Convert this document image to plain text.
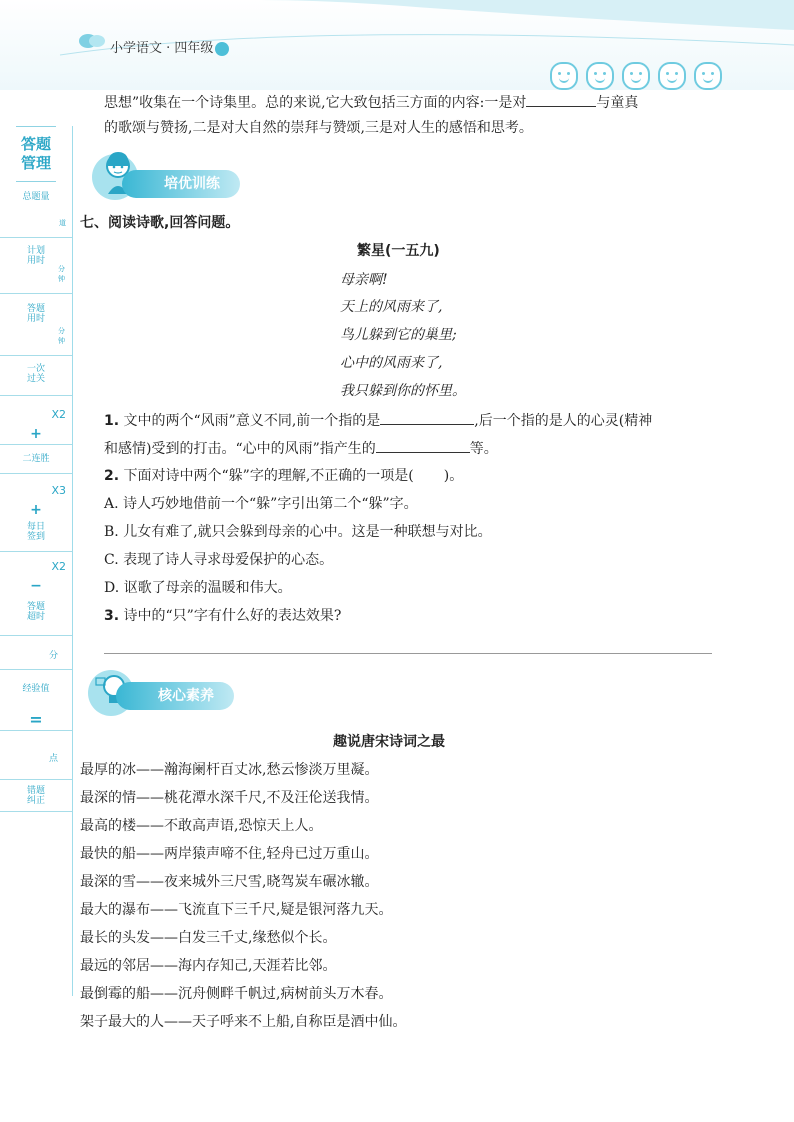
小学语文 · 四年级
答题管理
总题量
道
计划用时
分钟
答题用时
分钟
一次过关
X2
+
二连胜
X3
+
每日签到
X2
−
答题超时
分
经验值
=
点
错题纠正
思想”收集在一个诗集里。总的来说,它大致包括三方面的内容:一是对	与童真
的歌颂与赞扬,二是对大自然的崇拜与赞颂,三是对人生的感悟和思考。
培优训练
七、阅读诗歌,回答问题。
繁星(一五九)
母亲啊!
天上的风雨来了,
鸟儿躲到它的巢里;
心中的风雨来了,
我只躲到你的怀里。
1. 文中的两个“风雨”意义不同,前一个指的是	,后一个指的是人的心灵(精神
和感情)受到的打击。“心中的风雨”指产生的	等。
2. 下面对诗中两个“躲”字的理解,不正确的一项是( )。
A. 诗人巧妙地借前一个“躲”字引出第二个“躲”字。
B. 儿女有难了,就只会躲到母亲的心中。这是一种联想与对比。
C. 表现了诗人寻求母爱保护的心态。
D. 讴歌了母亲的温暖和伟大。
3. 诗中的“只”字有什么好的表达效果?
核心素养
趣说唐宋诗词之最
最厚的冰——瀚海阑杆百丈冰,愁云惨淡万里凝。
最深的情——桃花潭水深千尺,不及汪伦送我情。
最高的楼——不敢高声语,恐惊天上人。
最快的船——两岸猿声啼不住,轻舟已过万重山。
最深的雪——夜来城外三尺雪,晓驾炭车碾冰辙。
最大的瀑布——飞流直下三千尺,疑是银河落九天。
最长的头发——白发三千丈,缘愁似个长。
最远的邻居——海内存知己,天涯若比邻。
最倒霉的船——沉舟侧畔千帆过,病树前头万木春。
架子最大的人——天子呼来不上船,自称臣是酒中仙。
